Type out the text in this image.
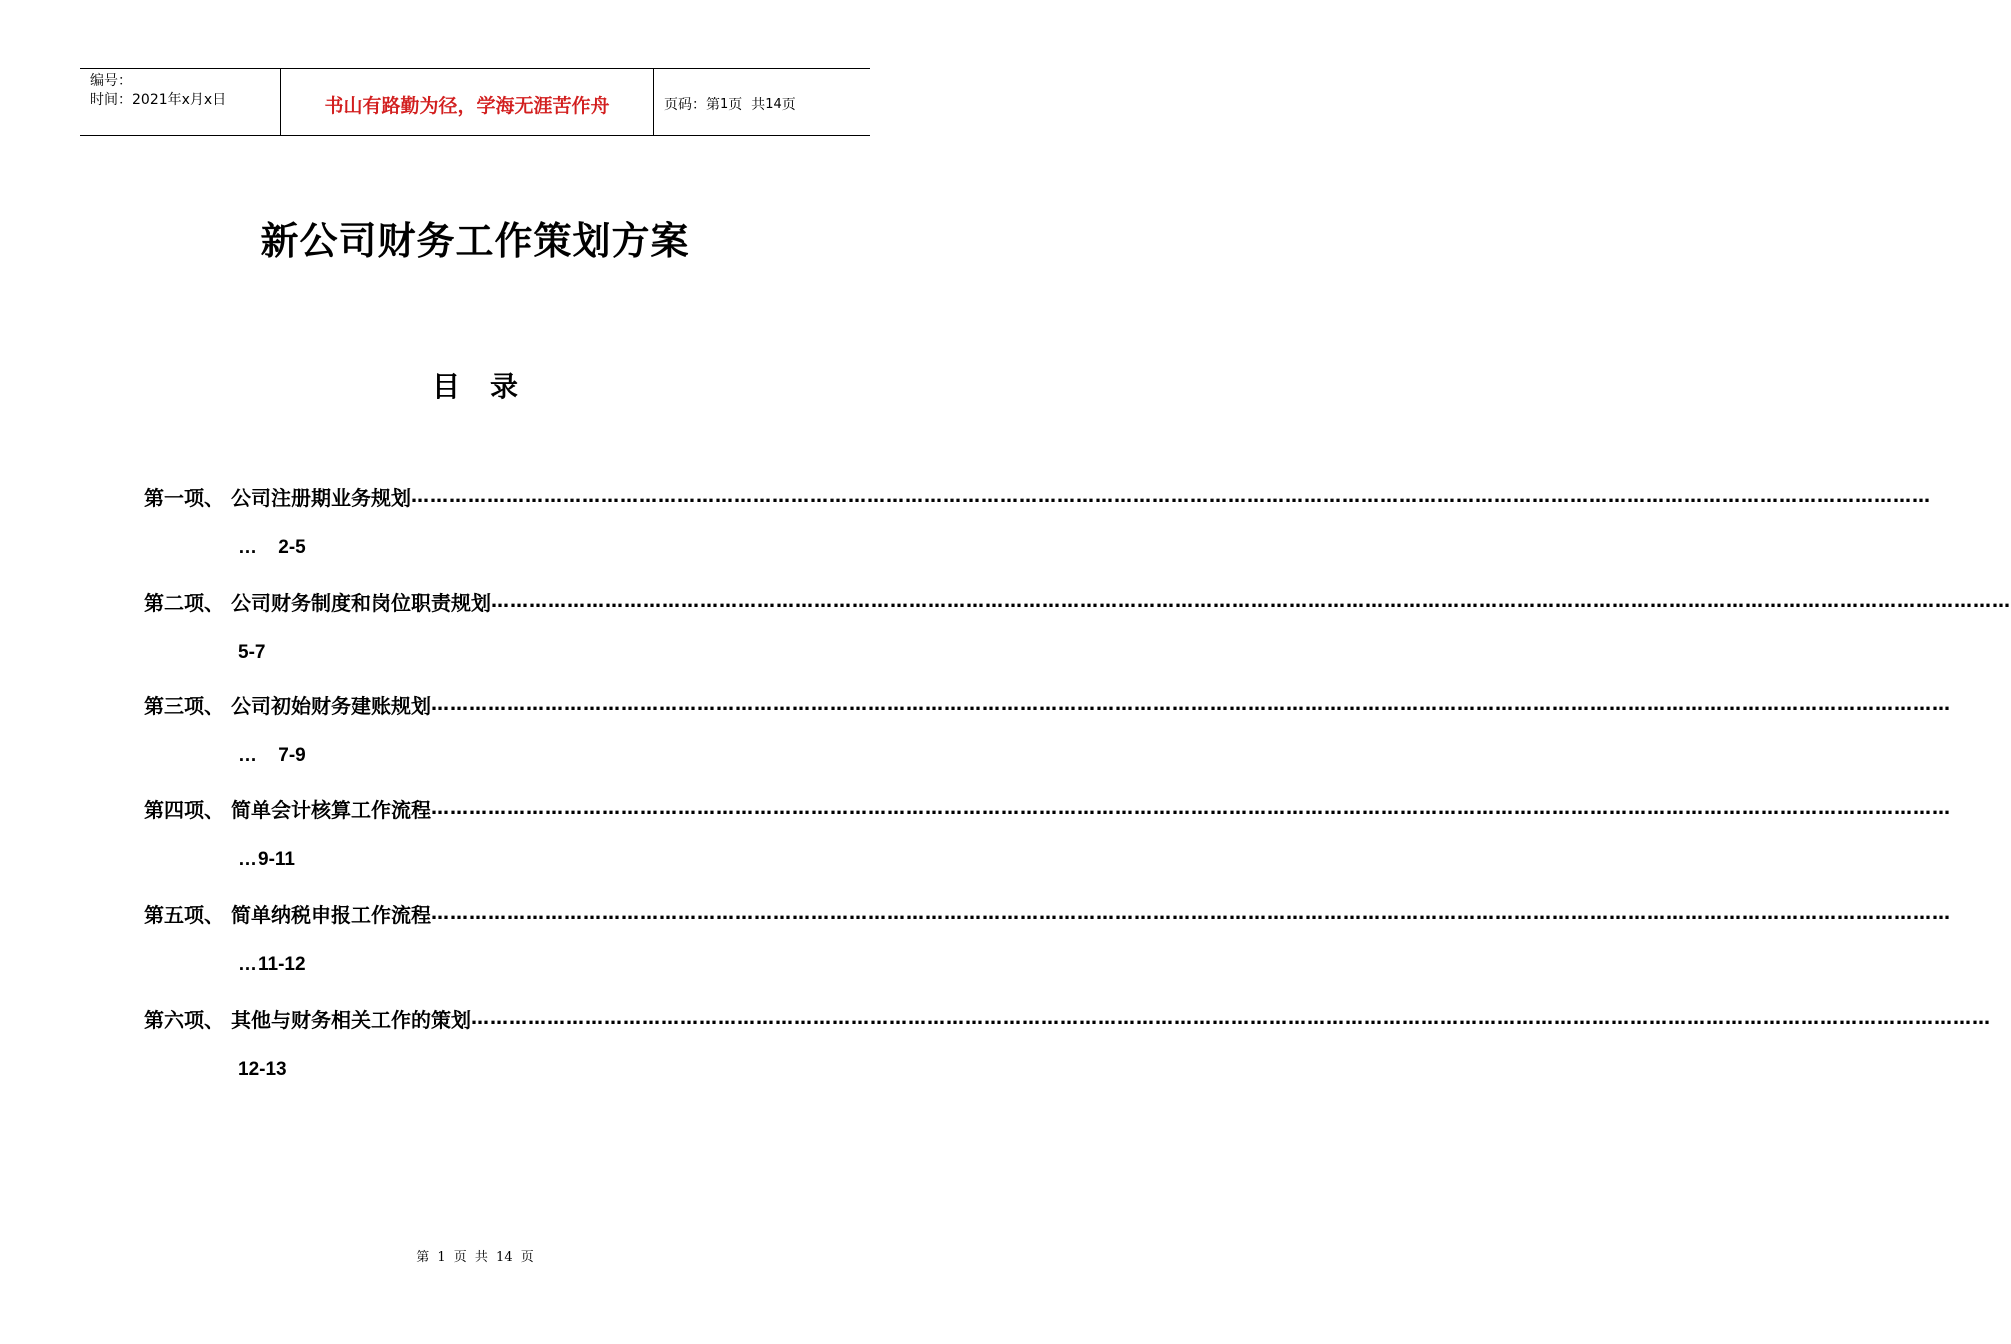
编号：
时间：2021年x月x日	书山有路勤为径，学海无涯苦作舟	页码：第 1 页  共 14 页
新公司财务工作策划方案
目录
第一项、 公司注册期业务规划 ……………………………………………………………………………………………………………………………………………………………………………………………………………………
… 2-5
第二项、 公司财务制度和岗位职责规划 ……………………………………………………………………………………………………………………………………………………………………………………………………………………
5-7
第三项、 公司初始财务建账规划 ……………………………………………………………………………………………………………………………………………………………………………………………………………………
… 7-9
第四项、 简单会计核算工作流程 ……………………………………………………………………………………………………………………………………………………………………………………………………………………
… 9-11
第五项、 简单纳税申报工作流程 ……………………………………………………………………………………………………………………………………………………………………………………………………………………
… 11-12
第六项、 其他与财务相关工作的策划 ……………………………………………………………………………………………………………………………………………………………………………………………………………………
12-13
第 1 页 共 14 页
